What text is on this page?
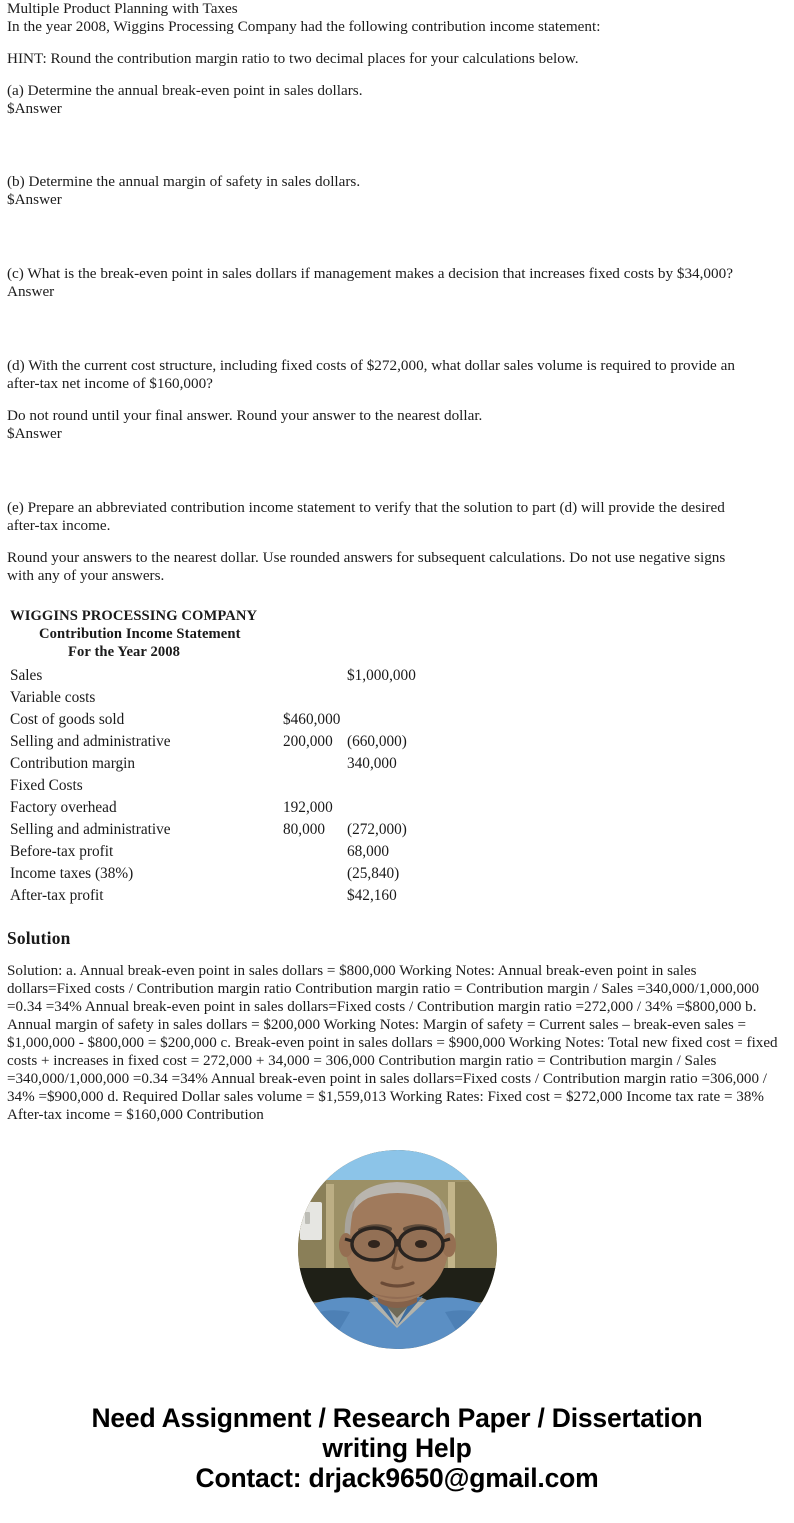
Multiple Product Planning with Taxes
In the year 2008, Wiggins Processing Company had the following contribution income statement:
HINT: Round the contribution margin ratio to two decimal places for your calculations below.
(a) Determine the annual break-even point in sales dollars.
$Answer
(b) Determine the annual margin of safety in sales dollars.
$Answer
(c) What is the break-even point in sales dollars if management makes a decision that increases fixed costs by $34,000?
Answer
(d) With the current cost structure, including fixed costs of $272,000, what dollar sales volume is required to provide an
after-tax net income of $160,000?
Do not round until your final answer. Round your answer to the nearest dollar.
$Answer
(e) Prepare an abbreviated contribution income statement to verify that the solution to part (d) will provide the desired
after-tax income.
Round your answers to the nearest dollar. Use rounded answers for subsequent calculations. Do not use negative signs
with any of your answers.
WIGGINS PROCESSING COMPANY
Contribution Income Statement
For the Year 2008
Sales		$1,000,000
Variable costs		
Cost of goods sold	$460,000	
Selling and administrative	200,000	(660,000)
Contribution margin		340,000
Fixed Costs		
Factory overhead	192,000	
Selling and administrative	80,000	(272,000)
Before-tax profit		68,000
Income taxes (38%)		(25,840)
After-tax profit		$42,160
Solution
Solution: a. Annual break-even point in sales dollars = $800,000 Working Notes: Annual break-even point in sales dollars=Fixed costs / Contribution margin ratio Contribution margin ratio = Contribution margin / Sales =340,000/1,000,000 =0.34 =34% Annual break-even point in sales dollars=Fixed costs / Contribution margin ratio =272,000 / 34% =$800,000 b. Annual margin of safety in sales dollars = $200,000 Working Notes: Margin of safety = Current sales – break-even sales = $1,000,000 - $800,000 = $200,000 c. Break-even point in sales dollars = $900,000 Working Notes: Total new fixed cost = fixed costs + increases in fixed cost = 272,000 + 34,000 = 306,000 Contribution margin ratio = Contribution margin / Sales =340,000/1,000,000 =0.34 =34% Annual break-even point in sales dollars=Fixed costs / Contribution margin ratio =306,000 / 34% =$900,000 d. Required Dollar sales volume = $1,559,013 Working Rates: Fixed cost = $272,000 Income tax rate = 38% After-tax income = $160,000 Contribution
Need Assignment / Research Paper / Dissertation
writing Help
Contact: drjack9650@gmail.com
